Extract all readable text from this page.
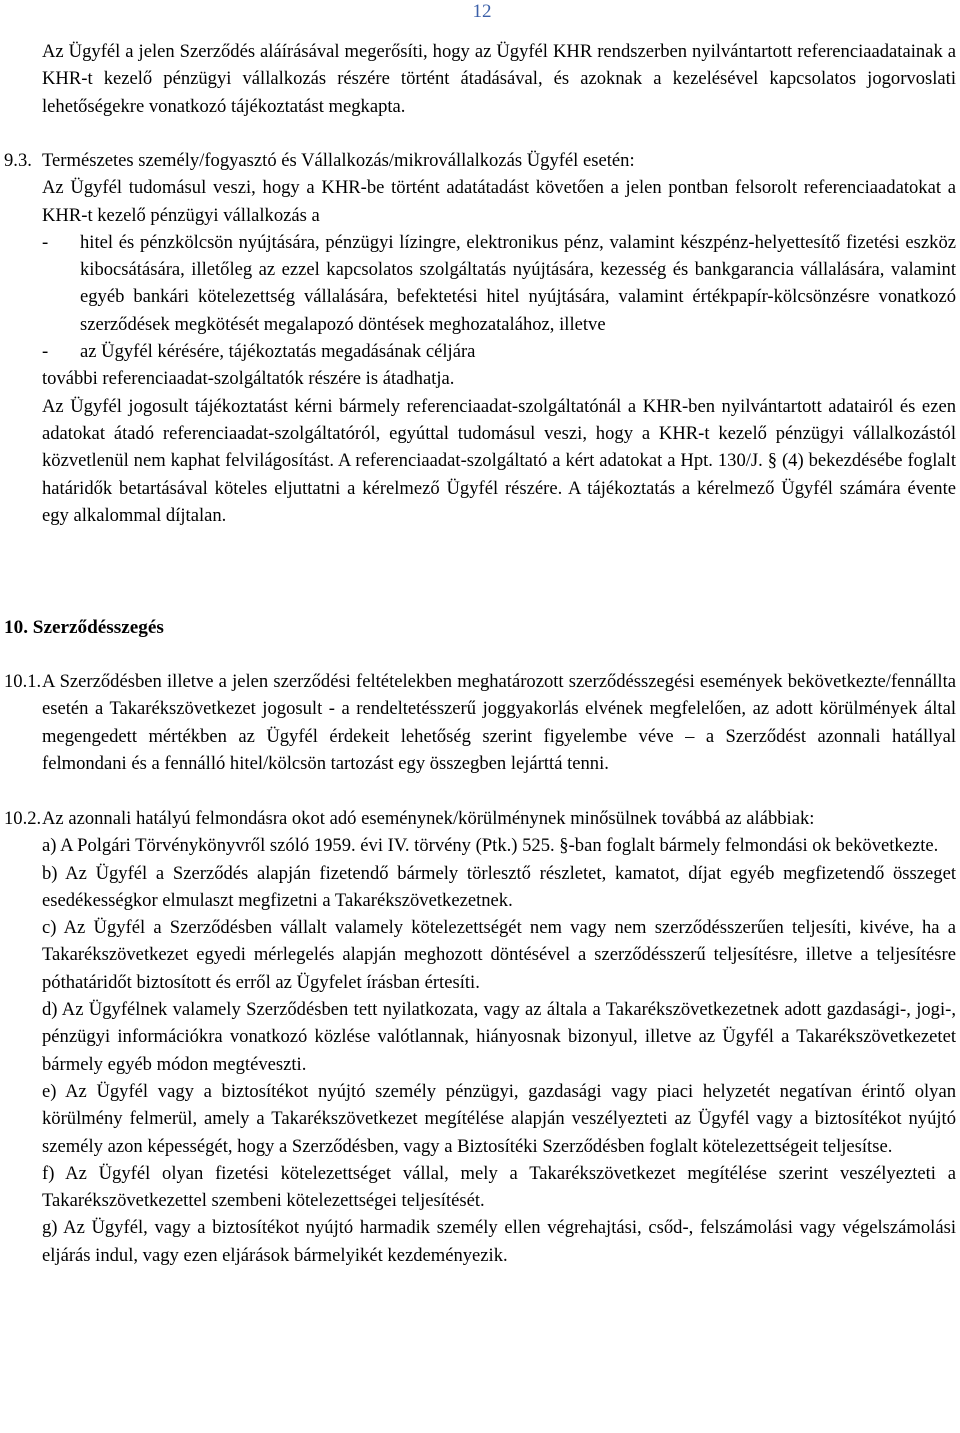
12

Az Ügyfél a jelen Szerződés aláírásával megerősíti, hogy az Ügyfél KHR rendszerben nyilvántartott referenciaadatainak a KHR-t kezelő pénzügyi vállalkozás részére történt átadásával, és azoknak a kezelésével kapcsolatos jogorvoslati lehetőségekre vonatkozó tájékoztatást megkapta.

9.3. Természetes személy/fogyasztó és Vállalkozás/mikrovállalkozás Ügyfél esetén:

Az Ügyfél tudomásul veszi, hogy a KHR-be történt adatátadást követően a jelen pontban felsorolt referenciaadatokat a KHR-t kezelő pénzügyi vállalkozás a

- hitel és pénzkölcsön nyújtására, pénzügyi lízingre, elektronikus pénz, valamint készpénz-helyettesítő fizetési eszköz kibocsátására, illetőleg az ezzel kapcsolatos szolgáltatás nyújtására, kezesség és bankgarancia vállalására, valamint egyéb bankári kötelezettség vállalására, befektetési hitel nyújtására, valamint értékpapír-kölcsönzésre vonatkozó szerződések megkötését megalapozó döntések meghozatalához, illetve

- az Ügyfél kérésére, tájékoztatás megadásának céljára

további referenciaadat-szolgáltatók részére is átadhatja.

Az Ügyfél jogosult tájékoztatást kérni bármely referenciaadat-szolgáltatónál a KHR-ben nyilvántartott adatairól és ezen adatokat átadó referenciaadat-szolgáltatóról, egyúttal tudomásul veszi, hogy a KHR-t kezelő pénzügyi vállalkozástól közvetlenül nem kaphat felvilágosítást. A referenciaadat-szolgáltató a kért adatokat a Hpt. 130/J. § (4) bekezdésébe foglalt határidők betartásával köteles eljuttatni a kérelmező Ügyfél részére. A tájékoztatás a kérelmező Ügyfél számára évente egy alkalommal díjtalan.

10. Szerződésszegés
10.1. A Szerződésben illetve a jelen szerződési feltételekben meghatározott szerződésszegési események bekövetkezte/fennállta esetén a Takarékszövetkezet jogosult - a rendeltetésszerű joggyakorlás elvének megfelelően, az adott körülmények által megengedett mértékben az Ügyfél érdekeit lehetőség szerint figyelembe véve – a Szerződést azonnali hatállyal felmondani és a fennálló hitel/kölcsön tartozást egy összegben lejárttá tenni.

10.2. Az azonnali hatályú felmondásra okot adó eseménynek/körülménynek minősülnek továbbá az alábbiak:

a) A Polgári Törvénykönyvről szóló 1959. évi IV. törvény (Ptk.) 525. §-ban foglalt bármely felmondási ok bekövetkezte.

b) Az Ügyfél a Szerződés alapján fizetendő bármely törlesztő részletet, kamatot, díjat egyéb megfizetendő összeget esedékességkor elmulaszt megfizetni a Takarékszövetkezetnek.

c) Az Ügyfél a Szerződésben vállalt valamely kötelezettségét nem vagy nem szerződésszerűen teljesíti, kivéve, ha a Takarékszövetkezet egyedi mérlegelés alapján meghozott döntésével a szerződésszerű teljesítésre, illetve a teljesítésre póthatáridőt biztosított és erről az Ügyfelet írásban értesíti.

d) Az Ügyfélnek valamely Szerződésben tett nyilatkozata, vagy az általa a Takarékszövetkezetnek adott gazdasági-, jogi-, pénzügyi információkra vonatkozó közlése valótlannak, hiányosnak bizonyul, illetve az Ügyfél a Takarékszövetkezetet bármely egyéb módon megtéveszti.

e) Az Ügyfél vagy a biztosítékot nyújtó személy pénzügyi, gazdasági vagy piaci helyzetét negatívan érintő olyan körülmény felmerül, amely a Takarékszövetkezet megítélése alapján veszélyezteti az Ügyfél vagy a biztosítékot nyújtó személy azon képességét, hogy a Szerződésben, vagy a Biztosítéki Szerződésben foglalt kötelezettségeit teljesítse.

f) Az Ügyfél olyan fizetési kötelezettséget vállal, mely a Takarékszövetkezet megítélése szerint veszélyezteti a Takarékszövetkezettel szembeni kötelezettségei teljesítését.

g) Az Ügyfél, vagy a biztosítékot nyújtó harmadik személy ellen végrehajtási, csőd-, felszámolási vagy végelszámolási eljárás indul, vagy ezen eljárások bármelyikét kezdeményezik.
